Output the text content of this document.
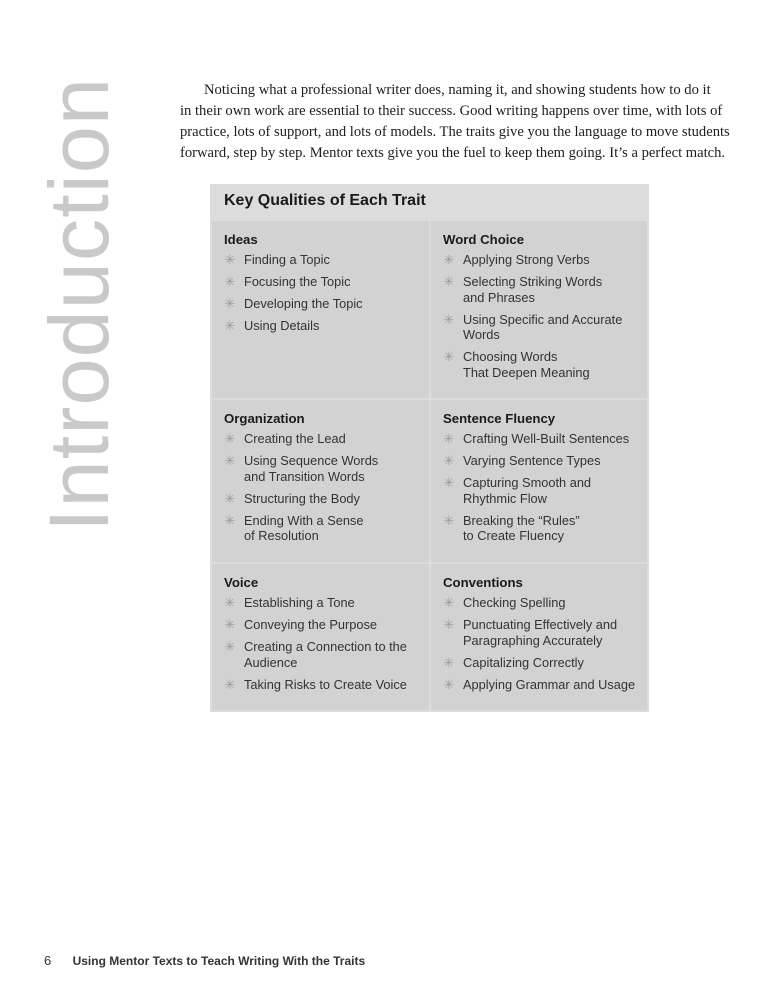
Introduction	Noticing what a professional writer does, naming it, and showing students how to do it
in their own work are essential to their success. Good writing happens over time, with lots of
practice, lots of support, and lots of models. The traits give you the language to move students
forward, step by step. Mentor texts give you the fuel to keep them going. It’s a perfect match.

Key Qualities of Each Trait
Ideas
✳ Finding a Topic
✳ Focusing the Topic
✳ Developing the Topic
✳ Using Details
Word Choice
✳ Applying Strong Verbs
✳ Selecting Striking Words
and Phrases
✳ Using Specific and Accurate
Words
✳ Choosing Words
That Deepen Meaning
Organization
✳ Creating the Lead
✳ Using Sequence Words
and Transition Words
✳ Structuring the Body
✳ Ending With a Sense
of Resolution
Sentence Fluency
✳ Crafting Well-Built Sentences
✳ Varying Sentence Types
✳ Capturing Smooth and
Rhythmic Flow
✳ Breaking the “Rules”
to Create Fluency
Voice
✳ Establishing a Tone
✳ Conveying the Purpose
✳ Creating a Connection to the
Audience
✳ Taking Risks to Create Voice
Conventions
✳ Checking Spelling
✳ Punctuating Effectively and
Paragraphing Accurately
✳ Capitalizing Correctly
✳ Applying Grammar and Usage
6 Using Mentor Texts to Teach Writing With the Traits
